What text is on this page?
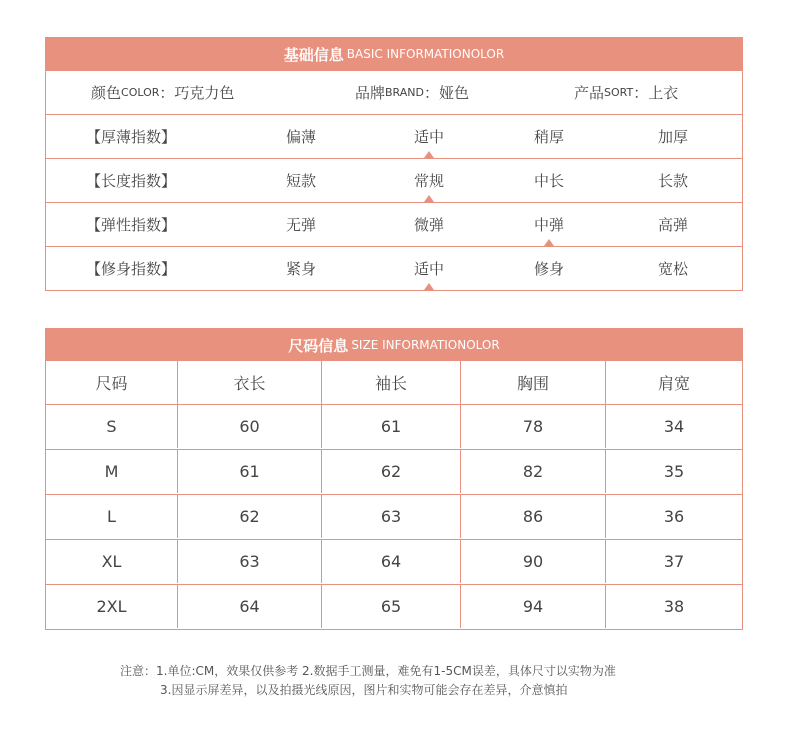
基础信息 BASIC INFORMATIONOLOR
颜色 COLOR ： 巧克力色	品牌 BRAND ： 娅色	产品 SORT ： 上衣
【厚薄指数】	偏薄	适中	稍厚	加厚
【长度指数】	短款	常规	中长	长款
【弹性指数】	无弹	微弹	中弹	高弹
【修身指数】	紧身	适中	修身	宽松
尺码信息 SIZE INFORMATIONOLOR
尺码	衣长	袖长	胸围	肩宽
S	60	61	78	34
M	61	62	82	35
L	62	63	86	36
XL	63	64	90	37
2XL	64	65	94	38
注意：1.单位:CM，效果仅供参考 2.数据手工测量，难免有1-5CM误差，具体尺寸以实物为准
3.因显示屏差异，以及拍摄光线原因，图片和实物可能会存在差异，介意慎拍
